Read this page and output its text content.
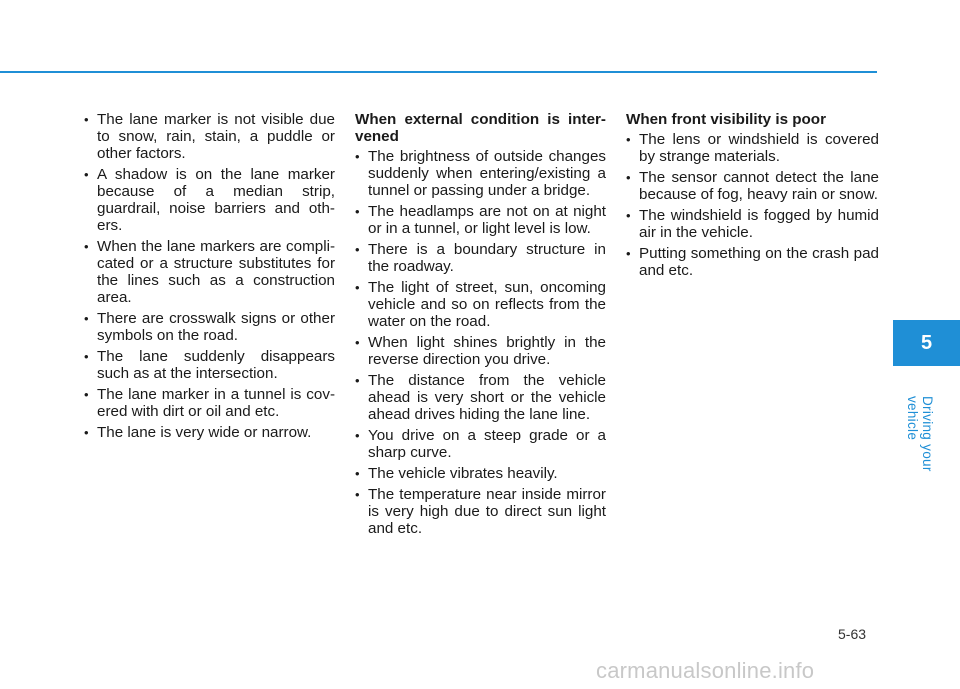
• The lane marker is not visible due to snow, rain, stain, a puddle or other factors.
• A shadow is on the lane marker because of a median strip, guardrail, noise barriers and oth-ers.
• When the lane markers are compli-cated or a structure substitutes for the lines such as a construction area.
• There are crosswalk signs or other symbols on the road.
• The lane suddenly disappears such as at the intersection.
• The lane marker in a tunnel is cov-ered with dirt or oil and etc.
• The lane is very wide or narrow.
When external condition is inter-vened
• The brightness of outside changes suddenly when entering/existing a tunnel or passing under a bridge.
• The headlamps are not on at night or in a tunnel, or light level is low.
• There is a boundary structure in the roadway.
• The light of street, sun, oncoming vehicle and so on reflects from the water on the road.
• When light shines brightly in the reverse direction you drive.
• The distance from the vehicle ahead is very short or the vehicle ahead drives hiding the lane line.
• You drive on a steep grade or a sharp curve.
• The vehicle vibrates heavily.
• The temperature near inside mirror is very high due to direct sun light and etc.
When front visibility is poor
• The lens or windshield is covered by strange materials.
• The sensor cannot detect the lane because of fog, heavy rain or snow.
• The windshield is fogged by humid air in the vehicle.
• Putting something on the crash pad and etc.
5
Driving your vehicle
5-63
carmanualsonline.info
